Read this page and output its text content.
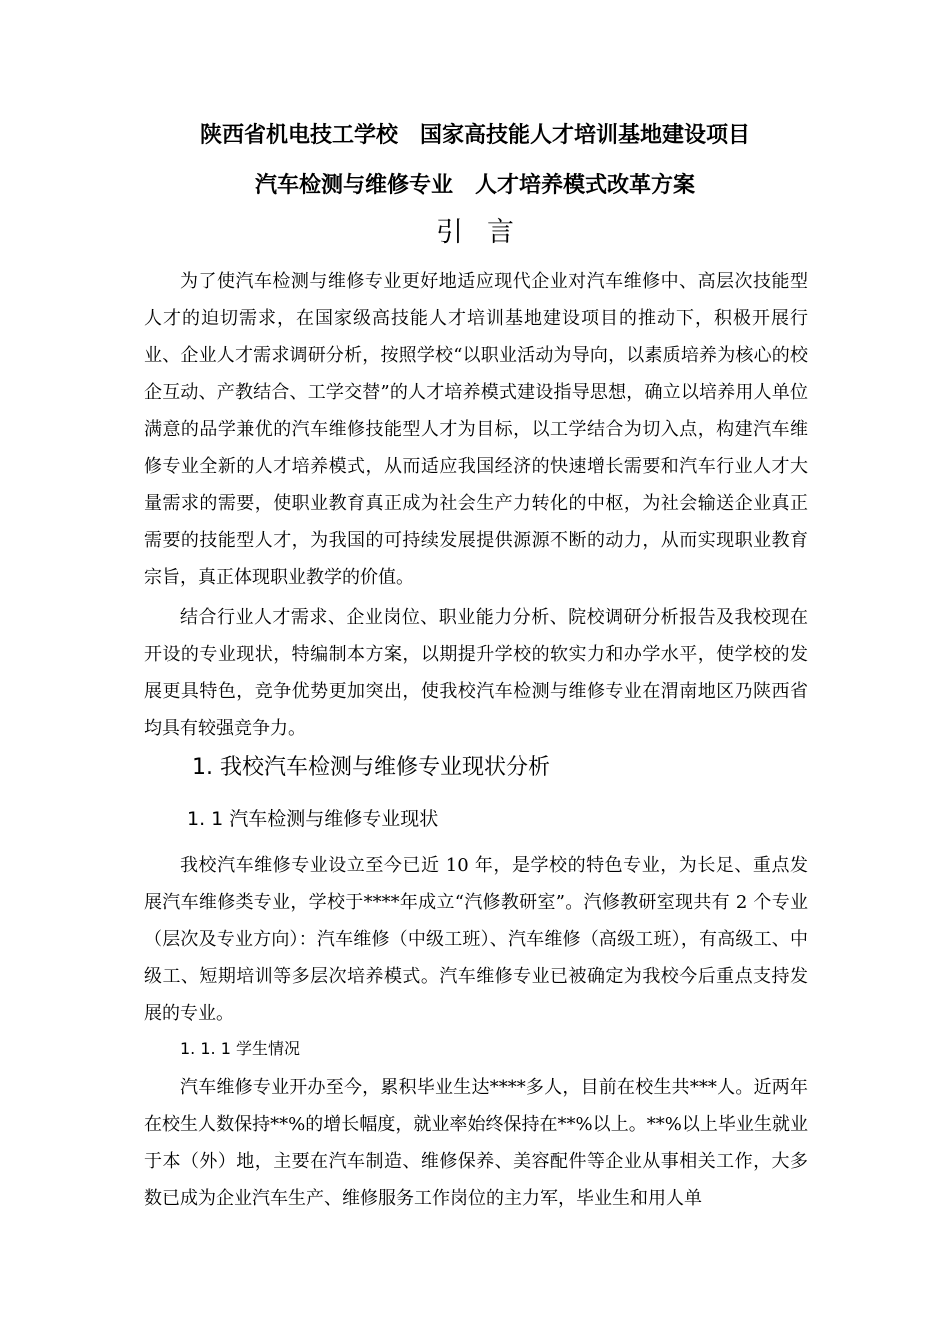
陕西省机电技工学校　国家高技能人才培训基地建设项目
汽车检测与维修专业　人才培养模式改革方案
引言

为了使汽车检测与维修专业更好地适应现代企业对汽车维修中、高层次技能型人才的迫切需求，在国家级高技能人才培训基地建设项目的推动下，积极开展行业、企业人才需求调研分析，按照学校“以职业活动为导向，以素质培养为核心的校企互动、产教结合、工学交替”的人才培养模式建设指导思想，确立以培养用人单位满意的品学兼优的汽车维修技能型人才为目标，以工学结合为切入点，构建汽车维修专业全新的人才培养模式，从而适应我国经济的快速增长需要和汽车行业人才大量需求的需要，使职业教育真正成为社会生产力转化的中枢，为社会输送企业真正需要的技能型人才，为我国的可持续发展提供源源不断的动力，从而实现职业教育宗旨，真正体现职业教学的价值。

结合行业人才需求、企业岗位、职业能力分析、院校调研分析报告及我校现在开设的专业现状，特编制本方案，以期提升学校的软实力和办学水平，使学校的发展更具特色，竞争优势更加突出，使我校汽车检测与维修专业在渭南地区乃陕西省均具有较强竞争力。

1. 我校汽车检测与维修专业现状分析
1. 1 汽车检测与维修专业现状

我校汽车维修专业设立至今已近 10 年，是学校的特色专业，为长足、重点发展汽车维修类专业，学校于****年成立“汽修教研室”。汽修教研室现共有 2 个专业（层次及专业方向）：汽车维修（中级工班）、汽车维修（高级工班），有高级工、中级工、短期培训等多层次培养模式。汽车维修专业已被确定为我校今后重点支持发展的专业。

1. 1. 1 学生情况

汽车维修专业开办至今，累积毕业生达****多人，目前在校生共***人。近两年在校生人数保持**%的增长幅度，就业率始终保持在**%以上。**%以上毕业生就业于本（外）地，主要在汽车制造、维修保养、美容配件等企业从事相关工作，大多数已成为企业汽车生产、维修服务工作岗位的主力军，毕业生和用人单
